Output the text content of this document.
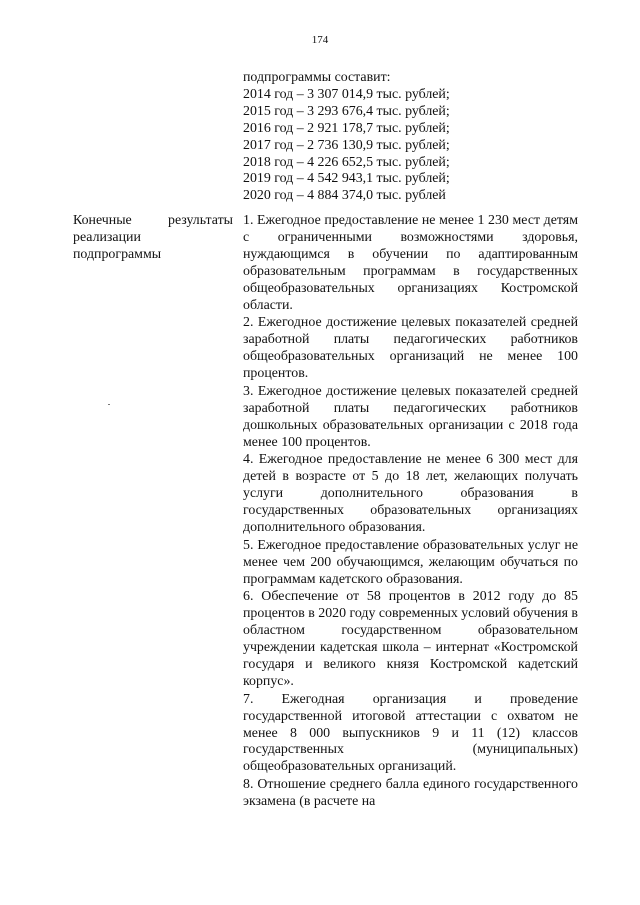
174

подпрограммы составит:

2014 год – 3 307 014,9 тыс. рублей;

2015 год – 3 293 676,4 тыс. рублей;

2016 год – 2 921 178,7 тыс. рублей;

2017 год – 2 736 130,9 тыс. рублей;

2018 год – 4 226 652,5 тыс. рублей;

2019 год – 4 542 943,1 тыс. рублей;

2020 год – 4 884 374,0 тыс. рублей

Конечные	результаты
реализации
подпрограммы

1. Ежегодное предоставление не менее 1 230 мест детям с ограниченными возможностями здоровья, нуждающимся в обучении по адаптированным образовательным программам в государственных общеобразовательных организациях Костромской области.

2. Ежегодное достижение целевых показателей средней заработной платы педагогических работников общеобразовательных организаций не менее 100 процентов.

3. Ежегодное достижение целевых показателей средней заработной платы педагогических работников дошкольных образовательных организации с 2018 года менее 100 процентов.

4. Ежегодное предоставление не менее 6 300 мест для детей в возрасте от 5 до 18 лет, желающих получать услуги дополнительного образования в государственных образовательных организациях дополнительного образования.

5. Ежегодное предоставление образовательных услуг не менее чем 200 обучающимся, желающим обучаться по программам кадетского образования.

6. Обеспечение от 58 процентов в 2012 году до 85 процентов в 2020 году современных условий обучения в областном государственном образовательном учреждении кадетская школа – интернат «Костромской государя и великого князя Костромской кадетский корпус».

7. Ежегодная организация и проведение государственной итоговой аттестации с охватом не менее 8 000 выпускников 9 и 11 (12) классов государственных (муниципальных) общеобразовательных организаций.

8. Отношение среднего балла единого государственного экзамена (в расчете на
